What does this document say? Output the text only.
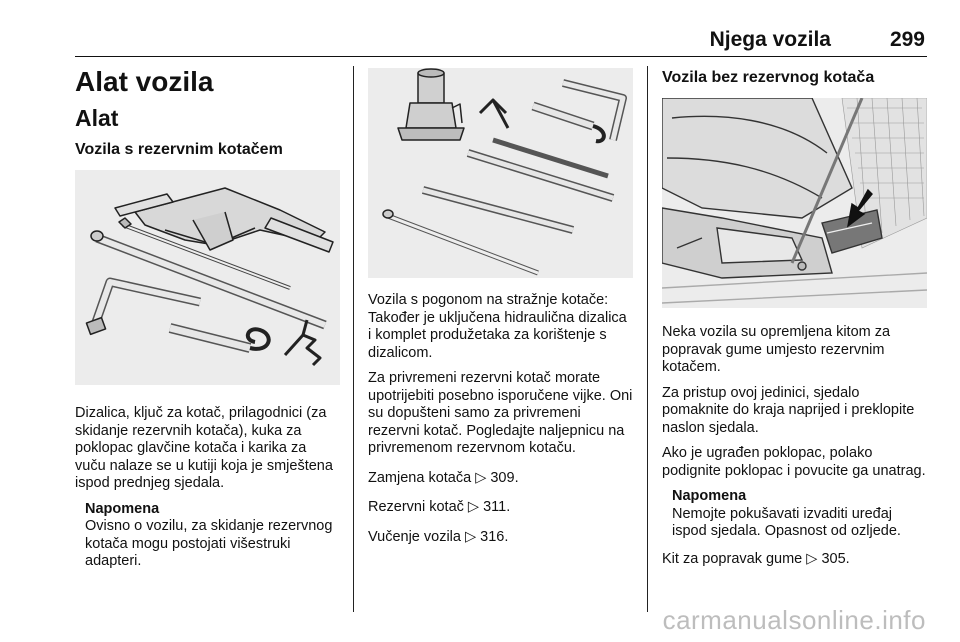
Njega vozila	299
Alat vozila
Alat
Vozila s rezervnim kotačem

Dizalica, ključ za kotač, prilagodnici (za skidanje rezervnih kotača), kuka za poklopac glavčine kotača i karika za vuču nalaze se u kutiji koja je smještena ispod prednjeg sjedala.

Napomena

Ovisno o vozilu, za skidanje rezervnog kotača mogu postojati višestruki adapteri.

Vozila s pogonom na stražnje kotače: Također je uključena hidraulična dizalica i komplet produžetaka za korištenje s dizalicom.

Za privremeni rezervni kotač morate upotrijebiti posebno isporučene vijke. Oni su dopušteni samo za privremeni rezervni kotač. Pogledajte naljepnicu na privremenom rezervnom kotaču.

Zamjena kotača ▷ 309.

Rezervni kotač ▷ 311.

Vučenje vozila ▷ 316.

Vozila bez rezervnog kotača

Neka vozila su opremljena kitom za popravak gume umjesto rezervnim kotačem.

Za pristup ovoj jedinici, sjedalo pomaknite do kraja naprijed i preklopite naslon sjedala.

Ako je ugrađen poklopac, polako podignite poklopac i povucite ga unatrag.

Napomena

Nemojte pokušavati izvaditi uređaj ispod sjedala. Opasnost od ozljede.

Kit za popravak gume ▷ 305.

carmanualsonline.info
